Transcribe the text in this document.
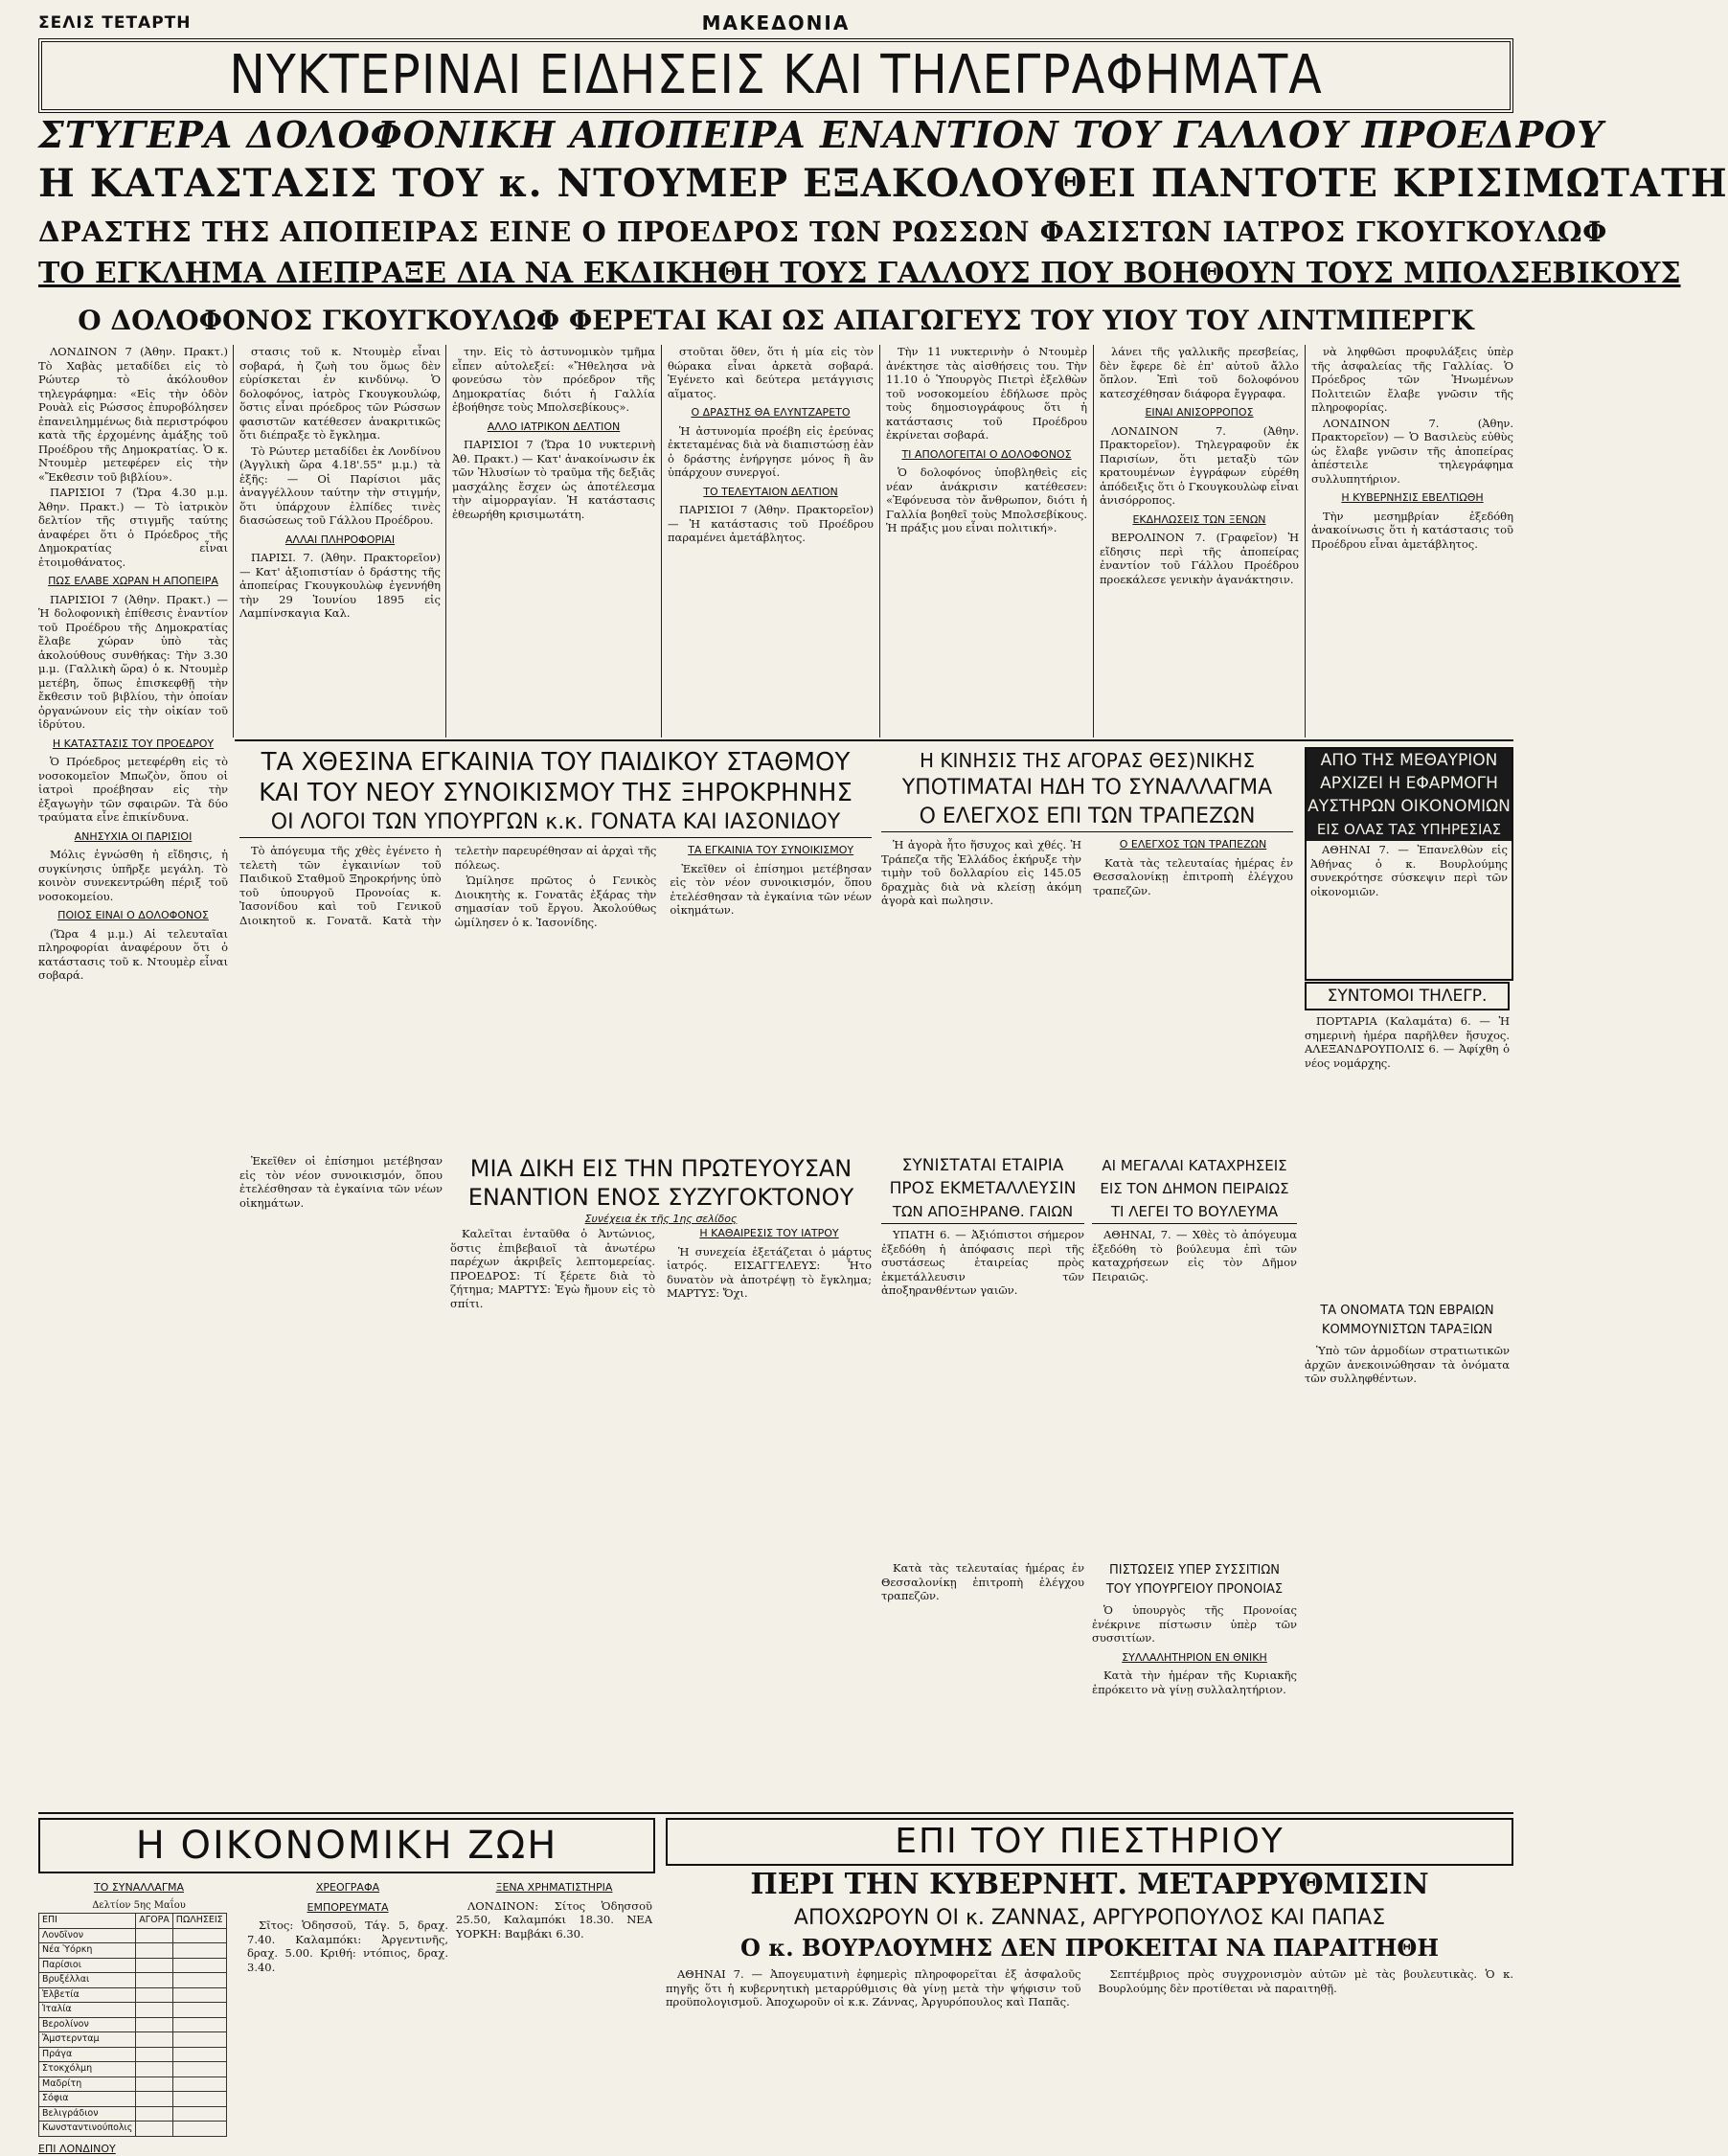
ΣΕΛΙΣ ΤΕΤΑΡΤΗ	ΜΑΚΕΔΟΝΙΑ
ΝΥΚΤΕΡΙΝΑΙ ΕΙΔΗΣΕΙΣ ΚΑΙ ΤΗΛΕΓΡΑΦΗΜΑΤΑ
ΣΤΥΓΕΡΑ ΔΟΛΟΦΟΝΙΚΗ ΑΠΟΠΕΙΡΑ ΕΝΑΝΤΙΟΝ ΤΟΥ ΓΑΛΛΟΥ ΠΡΟΕΔΡΟΥ
Η ΚΑΤΑΣΤΑΣΙΣ ΤΟΥ κ. ΝΤΟΥΜΕΡ ΕΞΑΚΟΛΟΥΘΕΙ ΠΑΝΤΟΤΕ ΚΡΙΣΙΜΩΤΑΤΗ
ΔΡΑΣΤΗΣ ΤΗΣ ΑΠΟΠΕΙΡΑΣ ΕΙΝΕ Ο ΠΡΟΕΔΡΟΣ ΤΩΝ ΡΩΣΣΩΝ ΦΑΣΙΣΤΩΝ ΙΑΤΡΟΣ ΓΚΟΥΓΚΟΥΛΩΦ
ΤΟ ΕΓΚΛΗΜΑ ΔΙΕΠΡΑΞΕ ΔΙΑ ΝΑ ΕΚΔΙΚΗΘΗ ΤΟΥΣ ΓΑΛΛΟΥΣ ΠΟΥ ΒΟΗΘΟΥΝ ΤΟΥΣ ΜΠΟΛΣΕΒΙΚΟΥΣ
Ο ΔΟΛΟΦΟΝΟΣ ΓΚΟΥΓΚΟΥΛΩΦ ΦΕΡΕΤΑΙ ΚΑΙ ΩΣ ΑΠΑΓΩΓΕΥΣ ΤΟΥ ΥΙΟΥ ΤΟΥ ΛΙΝΤΜΠΕΡΓΚ

ΛΟΝΔΙΝΟΝ 7 (Ἀθην. Πρακτ.) Τὸ Χαβὰς μεταδίδει εἰς τὸ Ρώυτερ τὸ ἀκόλουθον τηλεγράφημα: «Εἰς τὴν ὁδὸν Ρουὰλ εἰς Ρώσσος ἐπυροβόλησεν ἐπανειλημμένως διὰ περιστρόφου κατὰ τῆς ἐρχομένης ἁμάξης τοῦ Προέδρου τῆς Δημοκρατίας. Ὁ κ. Ντουμὲρ μετεφέρεν εἰς τὴν «Ἔκθεσιν τοῦ βιβλίου».

ΠΑΡΙΣΙΟΙ 7 (Ὥρα 4.30 μ.μ. Ἀθην. Πρακτ.) — Τὸ ἰατρικὸν δελτίον τῆς στιγμῆς ταύτης ἀναφέρει ὅτι ὁ Πρόεδρος τῆς Δημοκρατίας εἶναι ἐτοιμοθάνατος.

ΠΩΣ ΕΛΑΒΕ ΧΩΡΑΝ Η ΑΠΟΠΕΙΡΑ

ΠΑΡΙΣΙΟΙ 7 (Ἀθην. Πρακτ.) — Ἡ δολοφονικὴ ἐπίθεσις ἐναντίον τοῦ Προέδρου τῆς Δημοκρατίας ἔλαβε χώραν ὑπὸ τὰς ἀκολούθους συνθήκας: Τὴν 3.30 μ.μ. (Γαλλικὴ ὥρα) ὁ κ. Ντουμὲρ μετέβη, ὅπως ἐπισκεφθῇ τὴν ἔκθεσιν τοῦ βιβλίου, τὴν ὁποίαν ὀργανώνουν εἰς τὴν οἰκίαν τοῦ ἰδρύτου.

Η ΚΑΤΑΣΤΑΣΙΣ ΤΟΥ ΠΡΟΕΔΡΟΥ

Ὁ Πρόεδρος μετεφέρθη εἰς τὸ νοσοκομεῖον Μπωζὸν, ὅπου οἱ ἰατροὶ προέβησαν εἰς τὴν ἐξαγωγὴν τῶν σφαιρῶν. Τὰ δύο τραύματα εἶνε ἐπικίνδυνα.

ΑΝΗΣΥΧΙΑ ΟΙ ΠΑΡΙΣΙΟΙ

Μόλις ἐγνώσθη ἡ εἴδησις, ἡ συγκίνησις ὑπῆρξε μεγάλη. Τὸ κοινὸν συνεκεντρώθη πέριξ τοῦ νοσοκομείου.

ΠΟΙΟΣ ΕΙΝΑΙ Ο ΔΟΛΟΦΟΝΟΣ

(Ὥρα 4 μ.μ.) Αἱ τελευταῖαι πληροφορίαι ἀναφέρουν ὅτι ὁ κατάστασις τοῦ κ. Ντουμὲρ εἶναι σοβαρά.

στασις τοῦ κ. Ντουμὲρ εἶναι σοβαρά, ἡ ζωὴ του ὅμως δὲν εὑρίσκεται ἐν κινδύνῳ. Ὁ δολοφόνος, ἰατρὸς Γκουγκουλώφ, ὅστις εἶναι πρόεδρος τῶν Ρώσσων φασιστῶν κατέθεσεν ἀνακριτικῶς ὅτι διέπραξε τὸ ἔγκλημα.

Τὸ Ρώυτερ μεταδίδει ἐκ Λονδίνου (Ἀγγλικὴ ὥρα 4.18'.55" μ.μ.) τὰ ἑξῆς: — Οἱ Παρίσιοι μᾶς ἀναγγέλλουν ταύτην τὴν στιγμήν, ὅτι ὑπάρχουν ἐλπίδες τινὲς διασώσεως τοῦ Γάλλου Προέδρου.

ΑΛΛΑΙ ΠΛΗΡΟΦΟΡΙΑΙ

ΠΑΡΙΣΙ. 7. (Ἀθην. Πρακτορεῖον) — Κατ' ἀξιοπιστίαν ὁ δράστης τῆς ἀποπείρας Γκουγκουλὼφ ἐγεννήθη τὴν 29 Ἰουνίου 1895 εἰς Λαμπίνσκαγια Καλ.

την. Εἰς τὸ ἀστυνομικὸν τμῆμα εἶπεν αὐτολεξεί: «Ἤθελησα νὰ φονεύσω τὸν πρόεδρον τῆς Δημοκρατίας διότι ἡ Γαλλία ἐβοήθησε τοὺς Μπολσεβίκους».

ΑΛΛΟ ΙΑΤΡΙΚΟΝ ΔΕΛΤΙΟΝ

ΠΑΡΙΣΙΟΙ 7 (Ὥρα 10 νυκτερινὴ Ἀθ. Πρακτ.) — Κατ' ἀνακοίνωσιν ἐκ τῶν Ἠλυσίων τὸ τραῦμα τῆς δεξιᾶς μασχάλης ἔσχεν ὡς ἀποτέλεσμα τὴν αἱμορραγίαν. Ἡ κατάστασις ἐθεωρήθη κρισιμωτάτη.

στοῦται ὅθεν, ὅτι ἡ μία εἰς τὸν θώρακα εἶναι ἀρκετὰ σοβαρά. Ἐγένετο καὶ δεύτερα μετάγγισις αἵματος.

Ο ΔΡΑΣΤΗΣ ΘΑ ΕΛΥΝΤΖΑΡΕΤΟ

Ἡ ἀστυνομία προέβη εἰς ἐρεύνας ἐκτεταμένας διὰ νὰ διαπιστώσῃ ἐὰν ὁ δράστης ἐνήργησε μόνος ἢ ἂν ὑπάρχουν συνεργοί.

ΤΟ ΤΕΛΕΥΤΑΙΟΝ ΔΕΛΤΙΟΝ

ΠΑΡΙΣΙΟΙ 7 (Ἀθην. Πρακτορεῖον) — Ἡ κατάστασις τοῦ Προέδρου παραμένει ἀμετάβλητος.

Τὴν 11 νυκτερινὴν ὁ Ντουμὲρ ἀνέκτησε τὰς αἰσθήσεις του. Τὴν 11.10 ὁ Ὑπουργὸς Πιετρὶ ἐξελθὼν τοῦ νοσοκομείου ἐδήλωσε πρὸς τοὺς δημοσιογράφους ὅτι ἡ κατάστασις τοῦ Προέδρου ἐκρίνεται σοβαρά.

ΤΙ ΑΠΟΛΟΓΕΙΤΑΙ Ο ΔΟΛΟΦΟΝΟΣ

Ὁ δολοφόνος ὑποβληθεὶς εἰς νέαν ἀνάκρισιν κατέθεσεν: «Ἐφόνευσα τὸν ἄνθρωπον, διότι ἡ Γαλλία βοηθεῖ τοὺς Μπολσεβίκους. Ἡ πράξις μου εἶναι πολιτική».

λάνει τῆς γαλλικῆς πρεσβείας, δὲν ἔφερε δὲ ἐπ' αὐτοῦ ἄλλο ὅπλον. Ἐπὶ τοῦ δολοφόνου κατεσχέθησαν διάφορα ἔγγραφα.

ΕΙΝΑΙ ΑΝΙΣΟΡΡΟΠΟΣ

ΛΟΝΔΙΝΟΝ 7. (Ἀθην. Πρακτορεῖον). Τηλεγραφοῦν ἐκ Παρισίων, ὅτι μεταξὺ τῶν κρατουμένων ἐγγράφων εὑρέθη ἀπόδειξις ὅτι ὁ Γκουγκουλὼφ εἶναι ἀνισόρροπος.

ΕΚΔΗΛΩΣΕΙΣ ΤΩΝ ΞΕΝΩΝ

ΒΕΡΟΛΙΝΟΝ 7. (Γραφεῖον) Ἡ εἴδησις περὶ τῆς ἀποπείρας ἐναντίον τοῦ Γάλλου Προέδρου προεκάλεσε γενικὴν ἀγανάκτησιν.

νὰ ληφθῶσι προφυλάξεις ὑπὲρ τῆς ἀσφαλείας τῆς Γαλλίας. Ὁ Πρόεδρος τῶν Ἡνωμένων Πολιτειῶν ἔλαβε γνῶσιν τῆς πληροφορίας.

ΛΟΝΔΙΝΟΝ 7. (Ἀθην. Πρακτορεῖον) — Ὁ Βασιλεὺς εὐθὺς ὡς ἔλαβε γνῶσιν τῆς ἀποπείρας ἀπέστειλε τηλεγράφημα συλλυπητήριον.

Η ΚΥΒΕΡΝΗΣΙΣ ΕΒΕΛΤΙΩΘΗ

Τὴν μεσημβρίαν ἐξεδόθη ἀνακοίνωσις ὅτι ἡ κατάστασις τοῦ Προέδρου εἶναι ἀμετάβλητος.

ΤΑ ΧΘΕΣΙΝΑ ΕΓΚΑΙΝΙΑ ΤΟΥ ΠΑΙΔΙΚΟΥ ΣΤΑΘΜΟΥ
ΚΑΙ ΤΟΥ ΝΕΟΥ ΣΥΝΟΙΚΙΣΜΟΥ ΤΗΣ ΞΗΡΟΚΡΗΝΗΣ
ΟΙ ΛΟΓΟΙ ΤΩΝ ΥΠΟΥΡΓΩΝ κ.κ. ΓΟΝΑΤΑ ΚΑΙ ΙΑΣΟΝΙΔΟΥ

Τὸ ἀπόγευμα τῆς χθὲς ἐγένετο ἡ τελετὴ τῶν ἐγκαινίων τοῦ Παιδικοῦ Σταθμοῦ Ξηροκρήνης ὑπὸ τοῦ ὑπουργοῦ Προνοίας κ. Ἰασονίδου καὶ τοῦ Γενικοῦ Διοικητοῦ κ. Γονατᾶ. Κατὰ τὴν τελετὴν παρευρέθησαν αἱ ἀρχαὶ τῆς πόλεως.

Ὡμίλησε πρῶτος ὁ Γενικὸς Διοικητὴς κ. Γονατᾶς ἐξάρας τὴν σημασίαν τοῦ ἔργου. Ἀκολούθως ὡμίλησεν ὁ κ. Ἰασονίδης.

ΤΑ ΕΓΚΑΙΝΙΑ ΤΟΥ ΣΥΝΟΙΚΙΣΜΟΥ

Ἐκεῖθεν οἱ ἐπίσημοι μετέβησαν εἰς τὸν νέον συνοικισμόν, ὅπου ἐτελέσθησαν τὰ ἐγκαίνια τῶν νέων οἰκημάτων.

ΜΙΑ ΔΙΚΗ ΕΙΣ ΤΗΝ ΠΡΩΤΕΥΟΥΣΑΝ
ΕΝΑΝΤΙΟΝ ΕΝΟΣ ΣΥΖΥΓΟΚΤΟΝΟΥ
Συνέχεια ἐκ τῆς 1ης σελίδος

Καλεῖται ἐνταῦθα ὁ Ἀντώνιος, ὅστις ἐπιβεβαιοῖ τὰ ἀνωτέρω παρέχων ἀκριβεῖς λεπτομερείας. ΠΡΟΕΔΡΟΣ: Τί ξέρετε διὰ τὸ ζήτημα; ΜΑΡΤΥΣ: Ἐγὼ ἤμουν εἰς τὸ σπίτι.

Η ΚΑΘΑΙΡΕΣΙΣ ΤΟΥ ΙΑΤΡΟΥ

Ἡ συνεχεία ἐξετάζεται ὁ μάρτυς ἰατρός. ΕΙΣΑΓΓΕΛΕΥΣ: Ἦτο δυνατὸν νὰ ἀποτρέψῃ τὸ ἔγκλημα; ΜΑΡΤΥΣ: Ὄχι.

Ἐκεῖθεν οἱ ἐπίσημοι μετέβησαν εἰς τὸν νέον συνοικισμόν, ὅπου ἐτελέσθησαν τὰ ἐγκαίνια τῶν νέων οἰκημάτων.

Η ΚΙΝΗΣΙΣ ΤΗΣ ΑΓΟΡΑΣ ΘΕΣ)ΝΙΚΗΣ
ΥΠΟΤΙΜΑΤΑΙ ΗΔΗ ΤΟ ΣΥΝΑΛΛΑΓΜΑ
Ο ΕΛΕΓΧΟΣ ΕΠΙ ΤΩΝ ΤΡΑΠΕΖΩΝ

Ἡ ἀγορὰ ἦτο ἥσυχος καὶ χθές. Ἡ Τράπεζα τῆς Ἑλλάδος ἐκήρυξε τὴν τιμὴν τοῦ δολλαρίου εἰς 145.05 δραχμὰς διὰ νὰ κλείσῃ ἀκόμη ἀγορὰ καὶ πωλησιν.

Ο ΕΛΕΓΧΟΣ ΤΩΝ ΤΡΑΠΕΖΩΝ

Κατὰ τὰς τελευταίας ἡμέρας ἐν Θεσσαλονίκῃ ἐπιτροπὴ ἐλέγχου τραπεζῶν.

ΑΠΟ ΤΗΣ ΜΕΘΑΥΡΙΟΝ
ΑΡΧΙΖΕΙ Η ΕΦΑΡΜΟΓΗ
ΑΥΣΤΗΡΩΝ ΟΙΚΟΝΟΜΙΩΝ
ΕΙΣ ΟΛΑΣ ΤΑΣ ΥΠΗΡΕΣΙΑΣ

ΑΘΗΝΑΙ 7. — Ἐπανελθὼν εἰς Ἀθήνας ὁ κ. Βουρλούμης συνεκρότησε σύσκεψιν περὶ τῶν οἰκονομιῶν.

ΣΥΝΤΟΜΟΙ ΤΗΛΕΓΡ.

ΠΟΡΤΑΡΙΑ (Καλαμάτα) 6. — Ἡ σημερινὴ ἡμέρα παρῆλθεν ἥσυχος. ΑΛΕΞΑΝΔΡΟΥΠΟΛΙΣ 6. — Ἀφίχθη ὁ νέος νομάρχης.

ΤΑ ΟΝΟΜΑΤΑ ΤΩΝ ΕΒΡΑΙΩΝ
ΚΟΜΜΟΥΝΙΣΤΩΝ ΤΑΡΑΞΙΩΝ

Ὑπὸ τῶν ἀρμοδίων στρατιωτικῶν ἀρχῶν ἀνεκοινώθησαν τὰ ὀνόματα τῶν συλληφθέντων.

ΣΥΝΙΣΤΑΤΑΙ ΕΤΑΙΡΙΑ
ΠΡΟΣ ΕΚΜΕΤΑΛΛΕΥΣΙΝ
ΤΩΝ ΑΠΟΞΗΡΑΝΘ. ΓΑΙΩΝ

ΥΠΑΤΗ 6. — Ἀξιόπιστοι σήμερον ἐξεδόθη ἡ ἀπόφασις περὶ τῆς συστάσεως ἑταιρείας πρὸς ἐκμετάλλευσιν τῶν ἀποξηρανθέντων γαιῶν.

ΑΙ ΜΕΓΑΛΑΙ ΚΑΤΑΧΡΗΣΕΙΣ
ΕΙΣ ΤΟΝ ΔΗΜΟΝ ΠΕΙΡΑΙΩΣ
ΤΙ ΛΕΓΕΙ ΤΟ ΒΟΥΛΕΥΜΑ

ΑΘΗΝΑΙ, 7. — Χθὲς τὸ ἀπόγευμα ἐξεδόθη τὸ βούλευμα ἐπὶ τῶν καταχρήσεων εἰς τὸν Δῆμον Πειραιῶς.

ΠΙΣΤΩΣΕΙΣ ΥΠΕΡ ΣΥΣΣΙΤΙΩΝ
ΤΟΥ ΥΠΟΥΡΓΕΙΟΥ ΠΡΟΝΟΙΑΣ

Ὁ ὑπουργὸς τῆς Προνοίας ἐνέκρινε πίστωσιν ὑπὲρ τῶν συσσιτίων.

ΣΥΛΛΑΛΗΤΗΡΙΟΝ ΕΝ ΘΝΙΚΗ

Κατὰ τὴν ἡμέραν τῆς Κυριακῆς ἐπρόκειτο νὰ γίνῃ συλλαλητήριον.

Κατὰ τὰς τελευταίας ἡμέρας ἐν Θεσσαλονίκῃ ἐπιτροπὴ ἐλέγχου τραπεζῶν.

Η ΟΙΚΟΝΟΜΙΚΗ ΖΩΗ
ΤΟ ΣΥΝΑΛΛΑΓΜΑ
Δελτίον 5ης Μαΐου
ΕΠΙ	ΑΓΟΡΑ	ΠΩΛΗΣΕΙΣ
Λονδῖνον		
Νέα Ὑόρκη		
Παρίσιοι		
Βρυξέλλαι		
Ἑλβετία		
Ἰταλία		
Βερολίνον		
Ἄμστερνταμ		
Πράγα		
Στοκχόλμη		
Μαδρίτη		
Σόφια		
Βελιγράδιον		
Κωνσταντινούπολις		
ΕΠΙ ΛΟΝΔΙΝΟΥ
ΧΡΕΟΓΡΑΦΑ
ΕΜΠΟΡΕΥΜΑΤΑ

Σῖτος: Ὁδησσοῦ, Τάγ. 5, δραχ. 7.40. Καλαμπόκι: Ἀργεντινῆς, δραχ. 5.00. Κριθή: ντόπιος, δραχ. 3.40.

ΞΕΝΑ ΧΡΗΜΑΤΙΣΤΗΡΙΑ

ΛΟΝΔΙΝΟΝ: Σίτος Ὁδησσοῦ 25.50, Καλαμπόκι 18.30. ΝΕΑ ΥΟΡΚΗ: Βαμβάκι 6.30.

ΕΠΙ ΤΟΥ ΠΙΕΣΤΗΡΙΟΥ
ΠΕΡΙ ΤΗΝ ΚΥΒΕΡΝΗΤ. ΜΕΤΑΡΡΥΘΜΙΣΙΝ
ΑΠΟΧΩΡΟΥΝ ΟΙ κ. ΖΑΝΝΑΣ, ΑΡΓΥΡΟΠΟΥΛΟΣ ΚΑΙ ΠΑΠΑΣ
Ο κ. ΒΟΥΡΛΟΥΜΗΣ ΔΕΝ ΠΡΟΚΕΙΤΑΙ ΝΑ ΠΑΡΑΙΤΗΘΗ

ΑΘΗΝΑΙ 7. — Ἀπογευματινὴ ἐφημερὶς πληροφορεῖται ἐξ ἀσφαλοῦς πηγῆς ὅτι ἡ κυβερνητικὴ μεταρρύθμισις θὰ γίνῃ μετὰ τὴν ψήφισιν τοῦ προϋπολογισμοῦ. Ἀποχωροῦν οἱ κ.κ. Ζάννας, Ἀργυρόπουλος καὶ Παπᾶς.

Σεπτέμβριος πρὸς συγχρονισμὸν αὐτῶν μὲ τὰς βουλευτικὰς. Ὁ κ. Βουρλούμης δὲν προτίθεται νὰ παραιτηθῇ.
